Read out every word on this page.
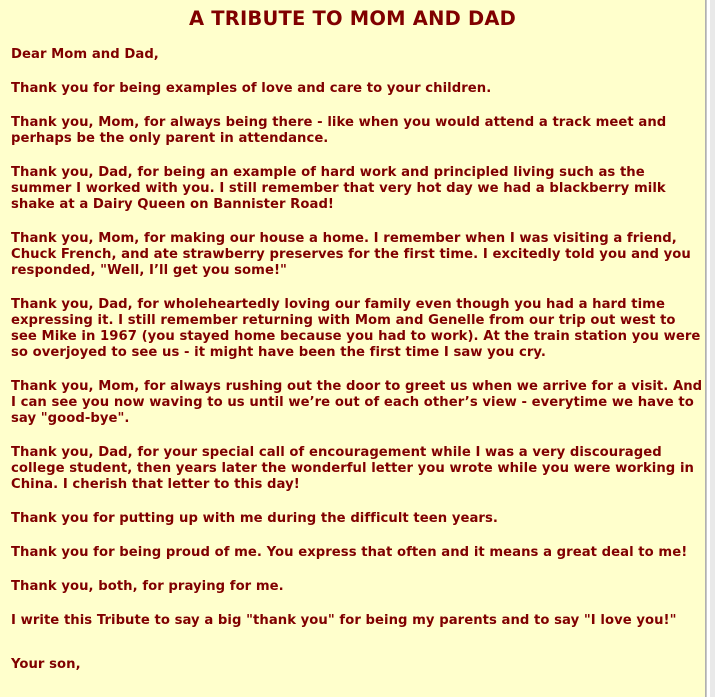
A TRIBUTE TO MOM AND DAD

Dear Mom and Dad,

Thank you for being examples of love and care to your children.

Thank you, Mom, for always being there - like when you would attend a track meet and perhaps be the only parent in attendance.

Thank you, Dad, for being an example of hard work and principled living such as the summer I worked with you. I still remember that very hot day we had a blackberry milk shake at a Dairy Queen on Bannister Road!

Thank you, Mom, for making our house a home. I remember when I was visiting a friend, Chuck French, and ate strawberry preserves for the first time. I excitedly told you and you responded, "Well, I’ll get you some!"

Thank you, Dad, for wholeheartedly loving our family even though you had a hard time expressing it. I still remember returning with Mom and Genelle from our trip out west to see Mike in 1967 (you stayed home because you had to work). At the train station you were so overjoyed to see us - it might have been the first time I saw you cry.

Thank you, Mom, for always rushing out the door to greet us when we arrive for a visit. And I can see you now waving to us until we’re out of each other’s view - everytime we have to say "good-bye".

Thank you, Dad, for your special call of encouragement while I was a very discouraged college student, then years later the wonderful letter you wrote while you were working in China. I cherish that letter to this day!

Thank you for putting up with me during the difficult teen years.

Thank you for being proud of me. You express that often and it means a great deal to me!

Thank you, both, for praying for me.

I write this Tribute to say a big "thank you" for being my parents and to say "I love you!"

Your son,
